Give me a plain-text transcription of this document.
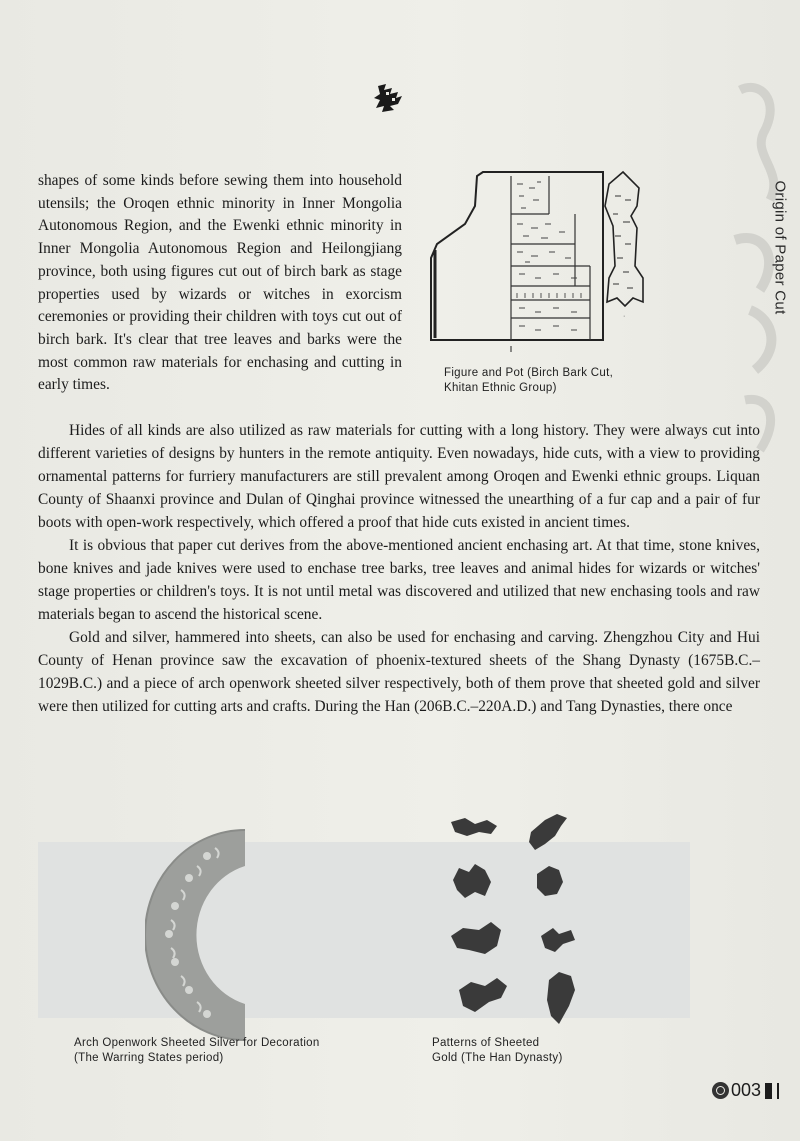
Origin of Paper Cut

shapes of some kinds before sewing them into household utensils; the Oroqen ethnic minority in Inner Mongolia Autonomous Region, and the Ewenki ethnic minority in Inner Mongolia Autonomous Region and Heilongjiang province, both using figures cut out of birch bark as stage properties used by wizards or witches in exorcism ceremonies or providing their children with toys cut out of birch bark. It's clear that tree leaves and barks were the most common raw materials for enchasing and cutting in early times.

·
Figure and Pot (Birch Bark Cut,
Khitan Ethnic Group)

Hides of all kinds are also utilized as raw materials for cutting with a long history. They were always cut into different varieties of designs by hunters in the remote antiquity. Even nowadays, hide cuts, with a view to providing ornamental patterns for furriery manufacturers are still prevalent among Oroqen and Ewenki ethnic groups. Liquan County of Shaanxi province and Dulan of Qinghai province witnessed the unearthing of a fur cap and a pair of fur boots with open-work respectively, which offered a proof that hide cuts existed in ancient times.

It is obvious that paper cut derives from the above-mentioned ancient enchasing art. At that time, stone knives, bone knives and jade knives were used to enchase tree barks, tree leaves and animal hides for wizards or witches' stage properties or children's toys. It is not until metal was discovered and utilized that new enchasing tools and raw materials began to ascend the historical scene.

Gold and silver, hammered into sheets, can also be used for enchasing and carving. Zhengzhou City and Hui County of Henan province saw the excavation of phoenix-textured sheets of the Shang Dynasty (1675B.C.–1029B.C.) and a piece of arch openwork sheeted silver respectively, both of them prove that sheeted gold and silver were then utilized for cutting arts and crafts. During the Han (206B.C.–220A.D.) and Tang Dynasties, there once

Arch Openwork Sheeted Silver for Decoration
(The Warring States period)
Patterns of Sheeted
Gold (The Han Dynasty)
003
